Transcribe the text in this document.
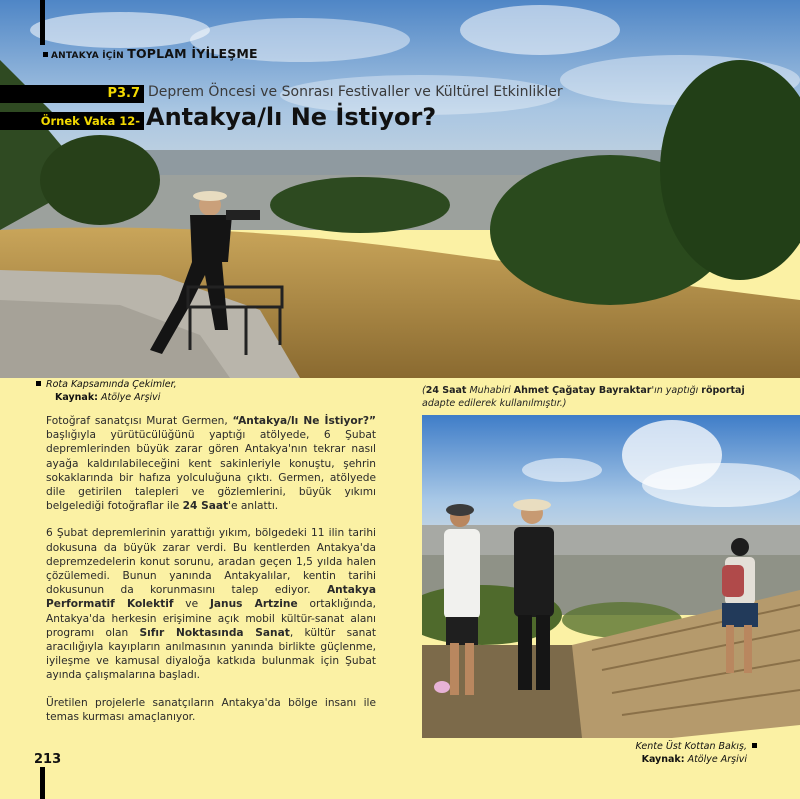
ANTAKYA İÇİN TOPLAM İYİLEŞME
P3.7 Deprem Öncesi ve Sonrası Festivaller ve Kültürel Etkinlikler
Örnek Vaka 12- Antakya/lı Ne İstiyor?
Rota Kapsamında Çekimler,
Kaynak: Atölye Arşivi
(24 Saat Muhabiri Ahmet Çağatay Bayraktar'ın yaptığı röportaj adapte edilerek kullanılmıştır.)

Fotoğraf sanatçısı Murat Germen, “Antakya/lı Ne İstiyor?” başlığıyla yürütücülüğünü yaptığı atölyede, 6 Şubat depremlerinden büyük zarar gören Antakya'nın tekrar nasıl ayağa kaldırılabileceğini kent sakinleriyle konuştu, şehrin sokaklarında bir hafıza yolculuğuna çıktı. Germen, atölyede dile getirilen talepleri ve gözlemlerini, büyük yıkımı belgelediği fotoğraflar ile 24 Saat'e anlattı.

6 Şubat depremlerinin yarattığı yıkım, bölgedeki 11 ilin tarihi dokusuna da büyük zarar verdi. Bu kentlerden Antakya'da depremzedelerin konut sorunu, aradan geçen 1,5 yılda halen çözülemedi. Bunun yanında Antakyalılar, kentin tarihi dokusunun da korunmasını talep ediyor. Antakya Performatif Kolektif ve Janus Artzine ortaklığında, Antakya'da herkesin erişimine açık mobil kültür-sanat alanı programı olan Sıfır Noktasında Sanat, kültür sanat aracılığıyla kayıpların anılmasının yanında birlikte güçlenme, iyileşme ve kamusal diyaloğa katkıda bulunmak için Şubat ayında çalışmalarına başladı.

Üretilen projelerle sanatçıların Antakya'da bölge insanı ile temas kurması amaçlanıyor.

Kente Üst Kottan Bakış,
Kaynak: Atölye Arşivi
213
